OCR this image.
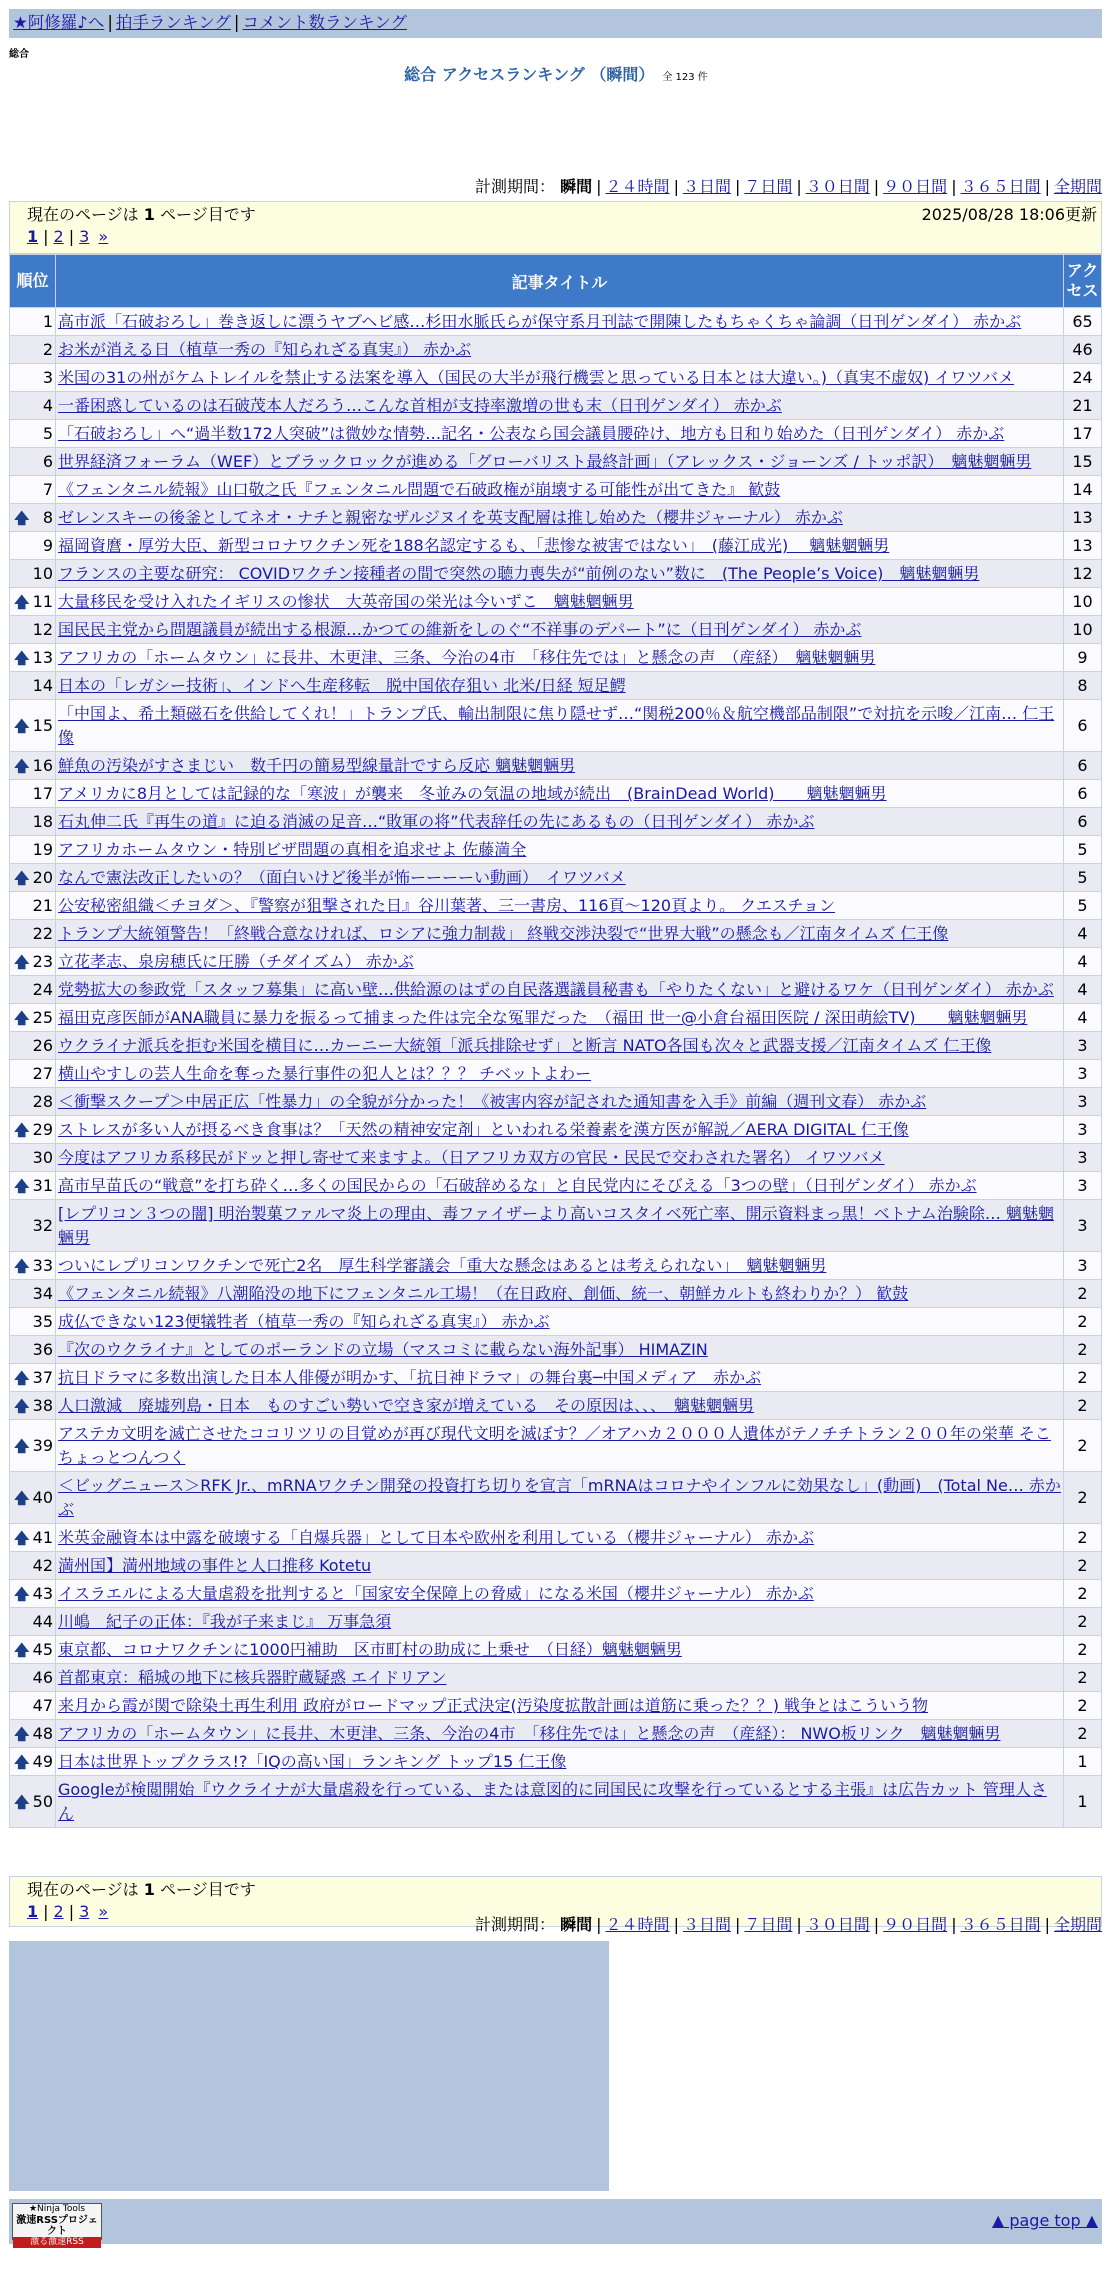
★阿修羅♪へ | 拍手ランキング | コメント数ランキング
総合
総合 アクセスランキング （瞬間） 全 123 件
計測期間： 瞬間 | ２４時間 | ３日間 | ７日間 | ３０日間 | ９０日間 | ３６５日間 | 全期間
現在のページは 1 ページ目です	2025/08/28 18:06更新
1 | 2 | 3 »
順位	記事タイトル	アクセス
1	高市派「石破おろし」巻き返しに漂うヤブヘビ感…杉田水脈氏らが保守系月刊誌で開陳したもちゃくちゃ論調（日刊ゲンダイ） 赤かぶ	65
2	お米が消える日（植草一秀の『知られざる真実』） 赤かぶ	46
3	米国の31の州がケムトレイルを禁止する法案を導入（国民の大半が飛行機雲と思っている日本とは大違い。)（真実不虚奴) イワツバメ	24
4	一番困惑しているのは石破茂本人だろう…こんな首相が支持率激増の世も末（日刊ゲンダイ） 赤かぶ	21
5	「石破おろし」へ“過半数172人突破”は微妙な情勢…記名・公表なら国会議員腰砕け、地方も日和り始めた（日刊ゲンダイ） 赤かぶ	17
6	世界経済フォーラム（WEF）とブラックロックが進める「グローバリスト最終計画」（アレックス・ジョーンズ / トッポ訳）　魑魅魍魎男	15
7	《フェンタニル続報》山口敬之氏『フェンタニル問題で石破政権が崩壊する可能性が出てきた』 歓鼓	14

🡅 8	ゼレンスキーの後釜としてネオ・ナチと親密なザルジヌイを英支配層は推し始めた（櫻井ジャーナル） 赤かぶ	13
9	福岡資麿・厚労大臣、新型コロナワクチン死を188名認定するも、「悲惨な被害ではない」　(藤江成光)　 魑魅魍魎男	13
10	フランスの主要な研究： COVIDワクチン接種者の間で突然の聴力喪失が“前例のない”数に　(The People’s Voice)　魑魅魍魎男	12

🡅 11	大量移民を受け入れたイギリスの惨状　大英帝国の栄光は今いずこ　魑魅魍魎男	10
12	国民民主党から問題議員が続出する根源…かつての維新をしのぐ“不祥事のデパート”に（日刊ゲンダイ） 赤かぶ	10

🡅 13	アフリカの「ホームタウン」に長井、木更津、三条、今治の4市　「移住先では」と懸念の声　（産経）　魑魅魍魎男	9
14	日本の「レガシー技術」、インドへ生産移転　脱中国依存狙い 北米/日経 短足鰐	8

🡅 15	「中国よ、希土類磁石を供給してくれ！」トランプ氏、輸出制限に焦り隠せず…“関税200％＆航空機部品制限”で対抗を示唆／江南… 仁王像	6

🡅 16	鮮魚の汚染がすさまじい　数千円の簡易型線量計ですら反応 魑魅魍魎男	6
17	アメリカに8月としては記録的な「寒波」が襲来　冬並みの気温の地域が続出　(BrainDead World)　　魑魅魍魎男	6
18	石丸伸二氏『再生の道』に迫る消滅の足音…“敗軍の将”代表辞任の先にあるもの（日刊ゲンダイ） 赤かぶ	6
19	アフリカホームタウン・特別ビザ問題の真相を追求せよ 佐藤満全	5

🡅 20	なんで憲法改正したいの？（面白いけど後半が怖ーーーーい動画）　イワツバメ	5
21	公安秘密組織＜チヨダ＞、『警察が狙撃された日』谷川葉著、三一書房、116頁～120頁より。 クエスチョン	5
22	トランプ大統領警告！「終戦合意なければ、ロシアに強力制裁」 終戦交渉決裂で“世界大戦”の懸念も／江南タイムズ 仁王像	4

🡅 23	立花孝志、泉房穂氏に圧勝（チダイズム） 赤かぶ	4
24	党勢拡大の参政党「スタッフ募集」に高い壁…供給源のはずの自民落選議員秘書も「やりたくない」と避けるワケ（日刊ゲンダイ） 赤かぶ	4

🡅 25	福田克彦医師がANA職員に暴力を振るって捕まった件は完全な冤罪だった　（福田 世一@小倉台福田医院 / 深田萌絵TV)　　魑魅魍魎男	4
26	ウクライナ派兵を拒む米国を横目に…カーニー大統領「派兵排除せず」と断言 NATO各国も次々と武器支援／江南タイムズ 仁王像	3
27	横山やすしの芸人生命を奪った暴行事件の犯人とは？？？ チベットよわー	3
28	＜衝撃スクープ＞中居正広「性暴力」の全貌が分かった！《被害内容が記された通知書を入手》前編（週刊文春） 赤かぶ	3

🡅 29	ストレスが多い人が摂るべき食事は？「天然の精神安定剤」といわれる栄養素を漢方医が解説／AERA DIGITAL 仁王像	3
30	今度はアフリカ系移民がドッと押し寄せて来ますよ。（日アフリカ双方の官民・民民で交わされた署名） イワツバメ	3

🡅 31	高市早苗氏の“戦意”を打ち砕く…多くの国民からの「石破辞めるな」と自民党内にそびえる「3つの壁」（日刊ゲンダイ） 赤かぶ	3
32	[レプリコン３つの闇] 明治製菓ファルマ炎上の理由、毒ファイザーより高いコスタイベ死亡率、開示資料まっ黒！ベトナム治験除… 魑魅魍魎男	3

🡅 33	ついにレプリコンワクチンで死亡2名　厚生科学審議会「重大な懸念はあるとは考えられない」　魑魅魍魎男	3
34	《フェンタニル続報》八潮陥没の地下にフェンタニル工場！（在日政府、創価、統一、朝鮮カルトも終わりか？） 歓鼓	2
35	成仏できない123便犠牲者（植草一秀の『知られざる真実』） 赤かぶ	2
36	『次のウクライナ』としてのポーランドの立場（マスコミに載らない海外記事） HIMAZIN	2

🡅 37	抗日ドラマに多数出演した日本人俳優が明かす、「抗日神ドラマ」の舞台裏─中国メディア　赤かぶ	2

🡅 38	人口激減　廃墟列島・日本　ものすごい勢いで空き家が増えている　その原因は、、、　魑魅魍魎男	2

🡅 39	アステカ文明を滅亡させたココリツリの目覚めが再び現代文明を滅ぼす？／オアハカ２０００人遺体がテノチチトラン２００年の栄華 そこちょっとつんつく	2

🡅 40	＜ビッグニュース＞RFK Jr.、mRNAワクチン開発の投資打ち切りを宣言「mRNAはコロナやインフルに効果なし」(動画)　(Total Ne… 赤かぶ	2

🡅 41	米英金融資本は中露を破壊する「自爆兵器」として日本や欧州を利用している（櫻井ジャーナル） 赤かぶ	2
42	満州国】満州地域の事件と人口推移 Kotetu	2

🡅 43	イスラエルによる大量虐殺を批判すると「国家安全保障上の脅威」になる米国（櫻井ジャーナル） 赤かぶ	2
44	川嶋　紀子の正体：『我が子来まじ』 万事急須	2

🡅 45	東京都、コロナワクチンに1000円補助　区市町村の助成に上乗せ　（日経）魑魅魍魎男	2
46	首都東京：稲城の地下に核兵器貯蔵疑惑 エイドリアン	2
47	来月から霞が関で除染土再生利用 政府がロードマップ正式決定(汚染度拡散計画は道筋に乗った？？) 戦争とはこういう物	2

🡅 48	アフリカの「ホームタウン」に長井、木更津、三条、今治の4市　「移住先では」と懸念の声　（産経）： NWO板リンク　魑魅魍魎男	2

🡅 49	日本は世界トップクラス!?「IQの高い国」ランキング トップ15 仁王像	1

🡅 50	Googleが検閲開始『ウクライナが大量虐殺を行っている、または意図的に同国民に攻撃を行っているとする主張』は広告カット 管理人さん	1
現在のページは 1 ページ目です
1 | 2 | 3 »
計測期間： 瞬間 | ２４時間 | ３日間 | ７日間 | ３０日間 | ９０日間 | ３６５日間 | 全期間
★Ninja Tools
激速RSSプロジェクト
激る激速RSS
▲ page top ▲
